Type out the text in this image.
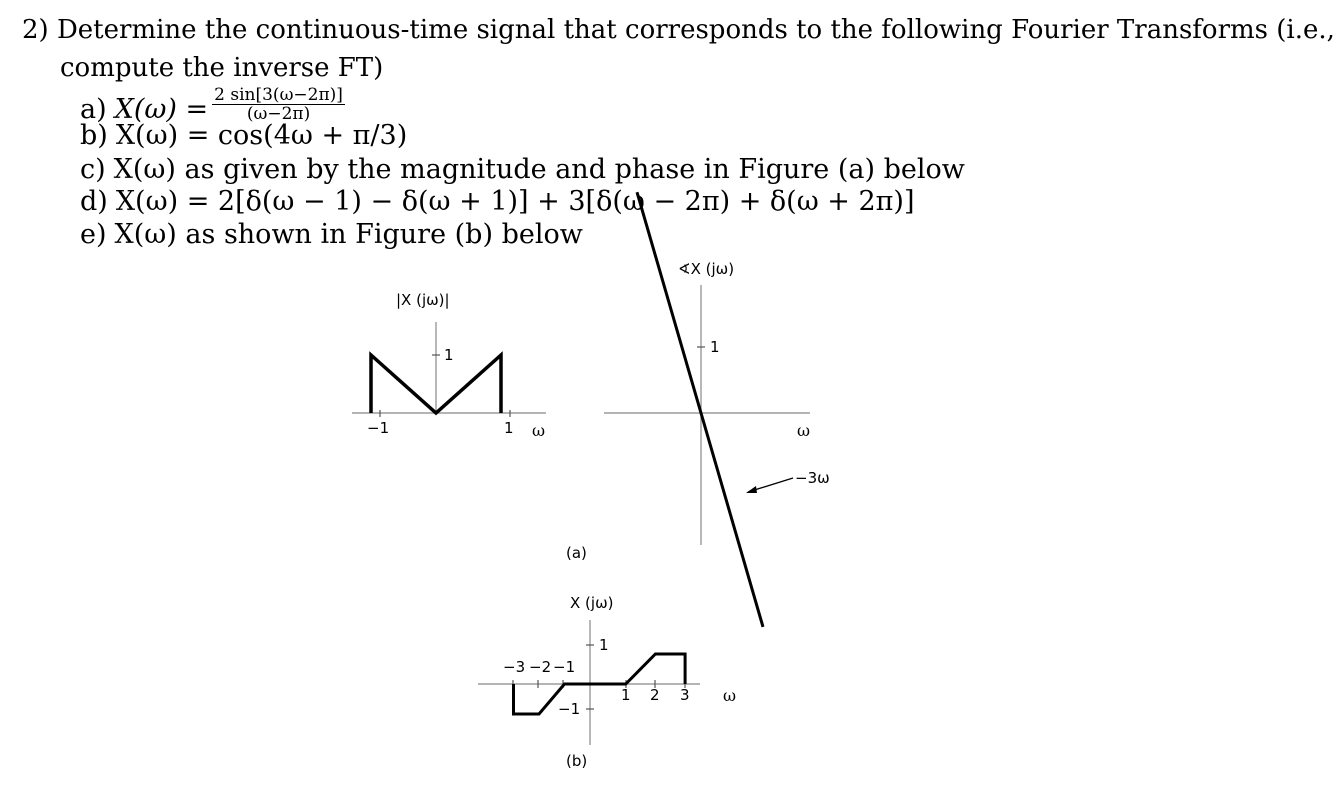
2) Determine the continuous-time signal that corresponds to the following Fourier Transforms (i.e.,
compute the inverse FT)
a) $X(\omega) = \frac{2 \sin[3(\omega-2\pi)]}{(\omega-2\pi)}$
b) X(ω) = cos(4ω + π/3)
c) X(ω) as given by the magnitude and phase in Figure (a) below
d) X(ω) = 2[δ(ω − 1) − δ(ω + 1)] + 3[δ(ω − 2π) + δ(ω + 2π)]
e) X(ω) as shown in Figure (b) below
|X (jω)|
1
−1	1 ω
∢X (jω)
1
ω
−3ω
(a)
X (jω)
1
−1
−3 −2 −1
1 2 3 ω
(b)
